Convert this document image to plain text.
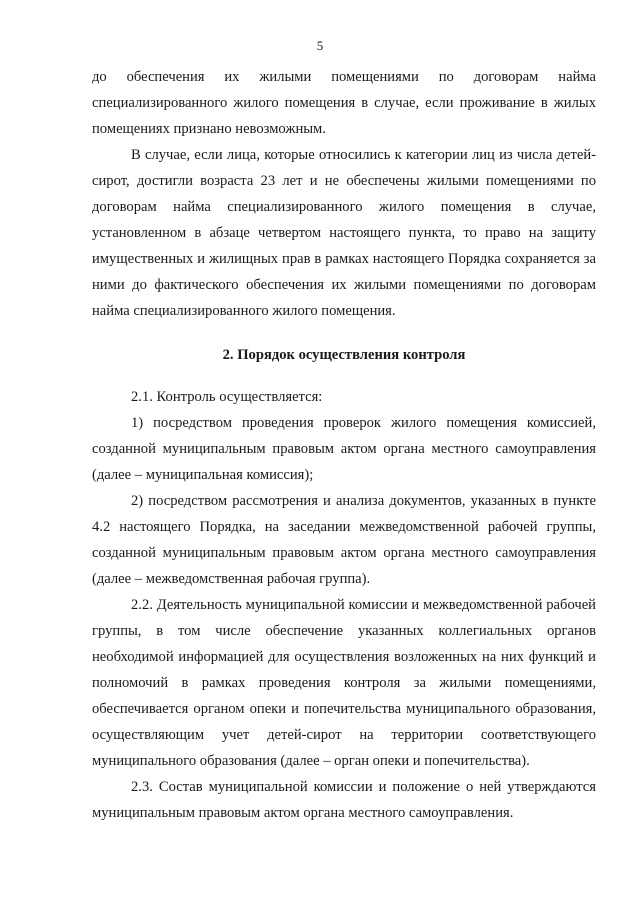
5

до обеспечения их жилыми помещениями по договорам найма специализированного жилого помещения в случае, если проживание в жилых помещениях признано невозможным.

В случае, если лица, которые относились к категории лиц из числа детей-сирот, достигли возраста 23 лет и не обеспечены жилыми помещениями по договорам найма специализированного жилого помещения в случае, установленном в абзаце четвертом настоящего пункта, то право на защиту имущественных и жилищных прав в рамках настоящего Порядка сохраняется за ними до фактического обеспечения их жилыми помещениями по договорам найма специализированного жилого помещения.

2. Порядок осуществления контроля

2.1. Контроль осуществляется:

1) посредством проведения проверок жилого помещения комиссией, созданной муниципальным правовым актом органа местного самоуправления (далее – муниципальная комиссия);

2) посредством рассмотрения и анализа документов, указанных в пункте 4.2 настоящего Порядка, на заседании межведомственной рабочей группы, созданной муниципальным правовым актом органа местного самоуправления (далее – межведомственная рабочая группа).

2.2. Деятельность муниципальной комиссии и межведомственной рабочей группы, в том числе обеспечение указанных коллегиальных органов необходимой информацией для осуществления возложенных на них функций и полномочий в рамках проведения контроля за жилыми помещениями, обеспечивается органом опеки и попечительства муниципального образования, осуществляющим учет детей-сирот на территории соответствующего муниципального образования (далее – орган опеки и попечительства).

2.3. Состав муниципальной комиссии и положение о ней утверждаются муниципальным правовым актом органа местного самоуправления.
